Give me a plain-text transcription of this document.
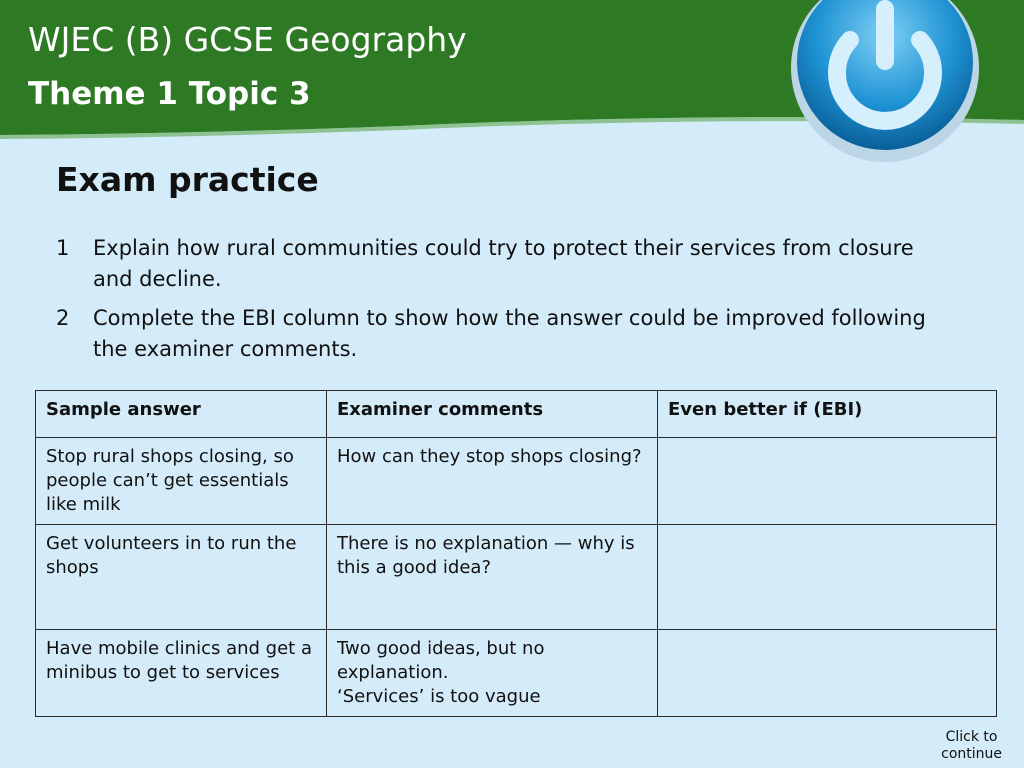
WJEC (B) GCSE Geography
Theme 1 Topic 3
Exam practice
1	Explain how rural communities could try to protect their services from closure and decline.
2	Complete the EBI column to show how the answer could be improved following the examiner comments.
Sample answer	Examiner comments	Even better if (EBI)
Stop rural shops closing, so people can’t get essentials like milk	How can they stop shops closing?	

Get volunteers in to run the shops	There is no explanation — why is this a good idea?	

Have mobile clinics and get a minibus to get to services	Two good ideas, but no explanation.
‘Services’ is too vague	

Click to
continue
